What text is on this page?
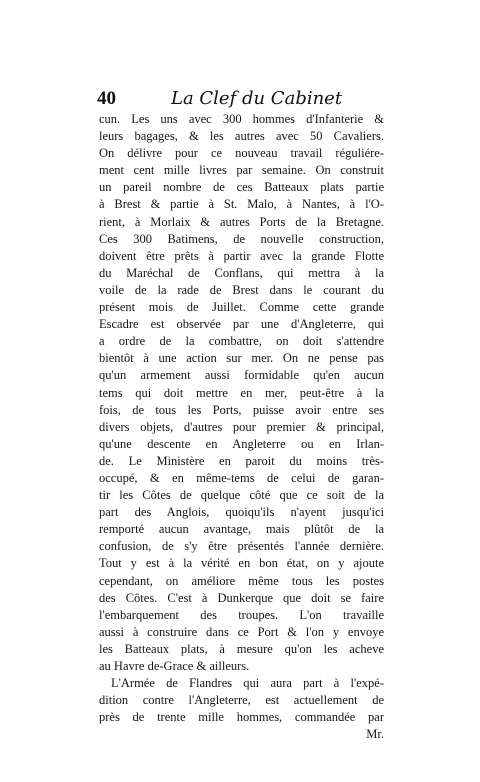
40	La Clef du Cabinet
cun. Les uns avec 300 hommes d'Infanterie &
leurs bagages, & les autres avec 50 Cavaliers.
On délivre pour ce nouveau travail réguliére-
ment cent mille livres par semaine. On construit
un pareil nombre de ces Batteaux plats partie
à Brest & partie à St. Malo, à Nantes, à l'O-
rient, à Morlaix & autres Ports de la Bretagne.
Ces 300 Batimens, de nouvelle construction,
doivent être prêts à partir avec la grande Flotte
du Maréchal de Conflans, qui mettra à la
voile de la rade de Brest dans le courant du
présent mois de Juillet. Comme cette grande
Escadre est observée par une d'Angleterre, qui
a ordre de la combattre, on doit s'attendre
bientôt à une action sur mer. On ne pense pas
qu'un armement aussi formidable qu'en aucun
tems qui doit mettre en mer, peut-être à la
fois, de tous les Ports, puisse avoir entre ses
divers objets, d'autres pour premier & principal,
qu'une descente en Angleterre ou en Irlan-
de. Le Ministère en paroit du moins très-
occupé, & en même-tems de celui de garan-
tir les Côtes de quelque côté que ce soit de la
part des Anglois, quoiqu'ils n'ayent jusqu'ici
remporté aucun avantage, mais plûtôt de la
confusion, de s'y être présentés l'année dernière.
Tout y est à la vérité en bon état, on y ajoute
cependant, on améliore même tous les postes
des Côtes. C'est à Dunkerque que doit se faire
l'embarquement des troupes. L'on travaille
aussi à construire dans ce Port & l'on y envoye
les Batteaux plats, à mesure qu'on les acheve
au Havre de-Grace & ailleurs.
L'Armée de Flandres qui aura part à l'expé-
dition contre l'Angleterre, est actuellement de
près de trente mille hommes, commandée par
Mr.
